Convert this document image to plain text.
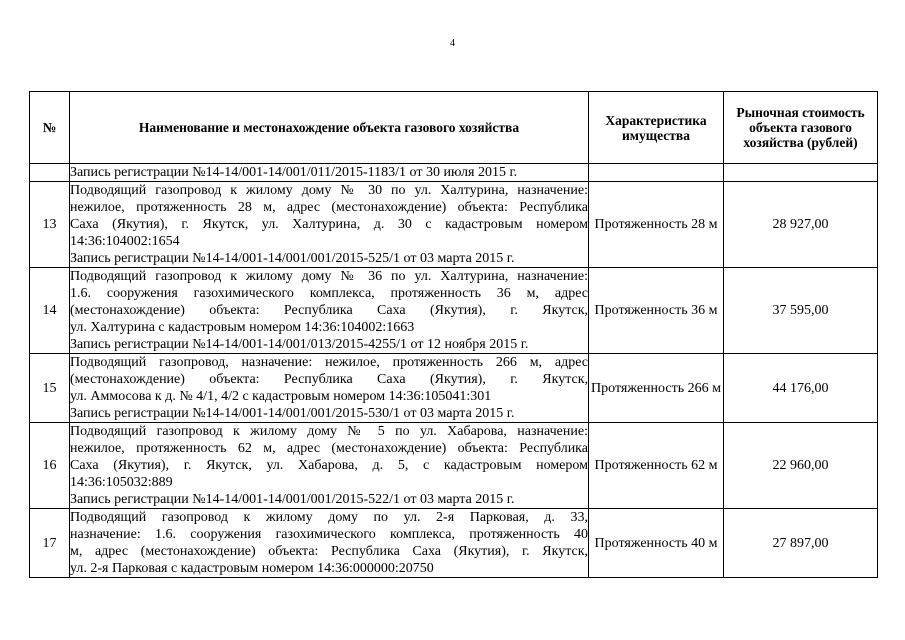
4
№	Наименование и местонахождение объекта газового хозяйства	Характеристика имущества	Рыночная стоимость объекта газового хозяйства (рублей)

	Запись регистрации №14-14/001-14/001/011/2015-1183/1 от 30 июля 2015 г.		

13	Подводящий газопровод к жилому дому № 30 по ул. Халтурина, назначение:
нежилое, протяженность 28 м, адрес (местонахождение) объекта: Республика
Саха (Якутия), г. Якутск, ул. Халтурина, д. 30 с кадастровым номером
14:36:104002:1654
Запись регистрации №14-14/001-14/001/001/2015-525/1 от 03 марта 2015 г.	Протяженность 28 м	28 927,00
14	Подводящий газопровод к жилому дому № 36 по ул. Халтурина, назначение:
1.6. сооружения газохимического комплекса, протяженность 36 м, адрес
(местонахождение) объекта: Республика Саха (Якутия), г. Якутск,
ул. Халтурина с кадастровым номером 14:36:104002:1663
Запись регистрации №14-14/001-14/001/013/2015-4255/1 от 12 ноября 2015 г.	Протяженность 36 м	37 595,00
15	Подводящий газопровод, назначение: нежилое, протяженность 266 м, адрес
(местонахождение) объекта: Республика Саха (Якутия), г. Якутск,
ул. Аммосова к д. № 4/1, 4/2 с кадастровым номером 14:36:105041:301
Запись регистрации №14-14/001-14/001/001/2015-530/1 от 03 марта 2015 г.	Протяженность 266 м	44 176,00
16	Подводящий газопровод к жилому дому № 5 по ул. Хабарова, назначение:
нежилое, протяженность 62 м, адрес (местонахождение) объекта: Республика
Саха (Якутия), г. Якутск, ул. Хабарова, д. 5, с кадастровым номером
14:36:105032:889
Запись регистрации №14-14/001-14/001/001/2015-522/1 от 03 марта 2015 г.	Протяженность 62 м	22 960,00
17	Подводящий газопровод к жилому дому по ул. 2-я Парковая, д. 33,
назначение: 1.6. сооружения газохимического комплекса, протяженность 40
м, адрес (местонахождение) объекта: Республика Саха (Якутия), г. Якутск,
ул. 2-я Парковая с кадастровым номером 14:36:000000:20750	Протяженность 40 м	27 897,00
